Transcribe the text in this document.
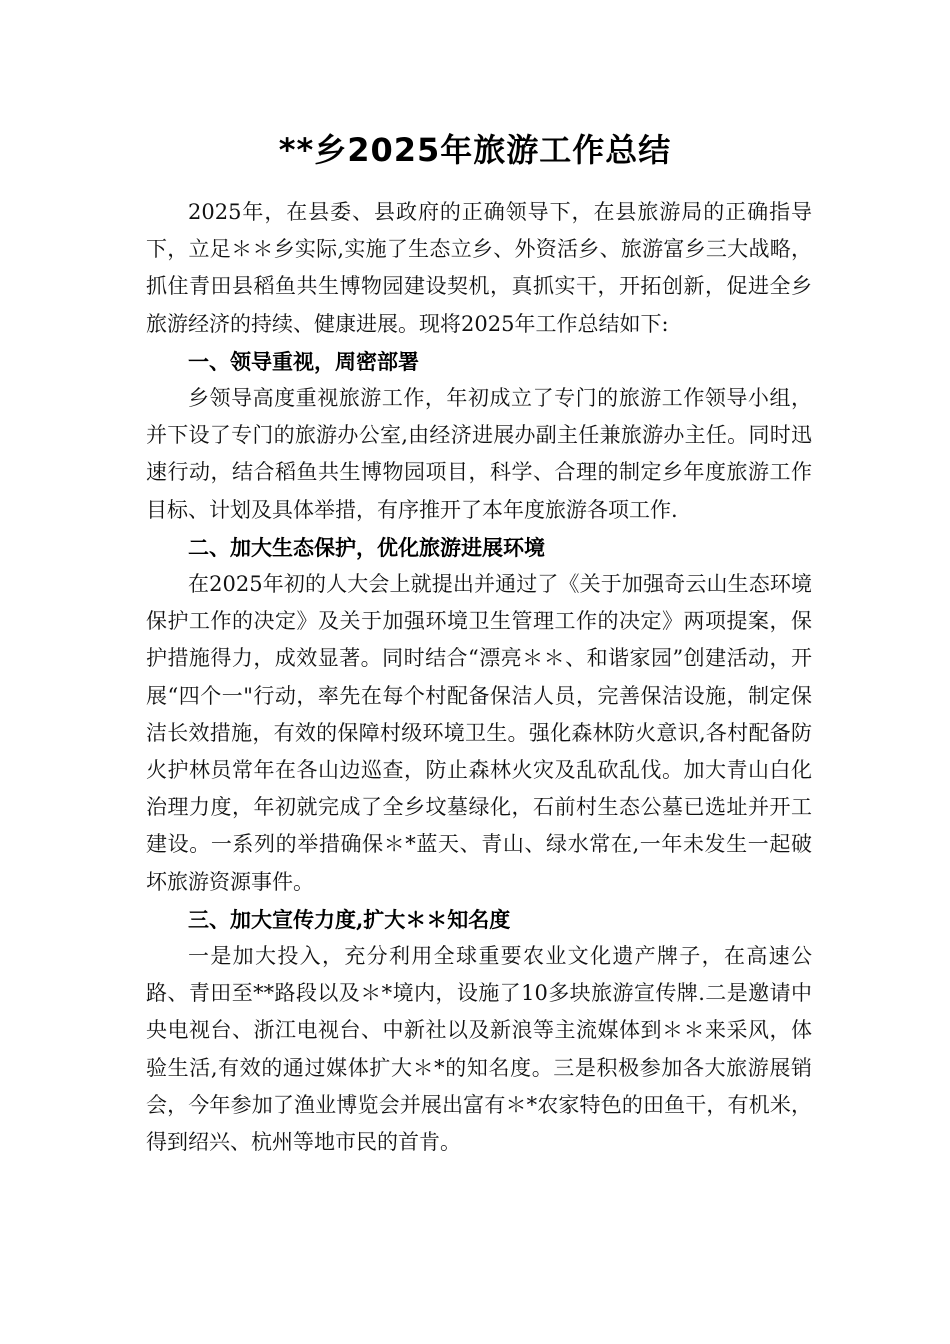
**乡2025年旅游工作总结

2025年，在县委、县政府的正确领导下，在县旅游局的正确指导下，立足＊＊乡实际,实施了生态立乡、外资活乡、旅游富乡三大战略，抓住青田县稻鱼共生博物园建设契机，真抓实干，开拓创新，促进全乡旅游经济的持续、健康进展。现将2025年工作总结如下:

一、领导重视，周密部署

乡领导高度重视旅游工作，年初成立了专门的旅游工作领导小组，并下设了专门的旅游办公室,由经济进展办副主任兼旅游办主任。同时迅速行动，结合稻鱼共生博物园项目，科学、合理的制定乡年度旅游工作目标、计划及具体举措，有序推开了本年度旅游各项工作.

二、加大生态保护，优化旅游进展环境

在2025年初的人大会上就提出并通过了《关于加强奇云山生态环境保护工作的决定》及关于加强环境卫生管理工作的决定》两项提案，保护措施得力，成效显著。同时结合“漂亮＊＊、和谐家园”创建活动，开展“四个一"行动，率先在每个村配备保洁人员，完善保洁设施，制定保洁长效措施，有效的保障村级环境卫生。强化森林防火意识,各村配备防火护林员常年在各山边巡查，防止森林火灾及乱砍乱伐。加大青山白化治理力度，年初就完成了全乡坟墓绿化，石前村生态公墓已选址并开工建设。一系列的举措确保＊*蓝天、青山、绿水常在,一年未发生一起破坏旅游资源事件。

三、加大宣传力度,扩大＊＊知名度

一是加大投入，充分利用全球重要农业文化遗产牌子，在高速公路、青田至**路段以及＊*境内，设施了10多块旅游宣传牌.二是邀请中央电视台、浙江电视台、中新社以及新浪等主流媒体到＊＊来采风，体验生活,有效的通过媒体扩大＊*的知名度。三是积极参加各大旅游展销会，今年参加了渔业博览会并展出富有＊*农家特色的田鱼干，有机米，得到绍兴、杭州等地市民的首肯。
